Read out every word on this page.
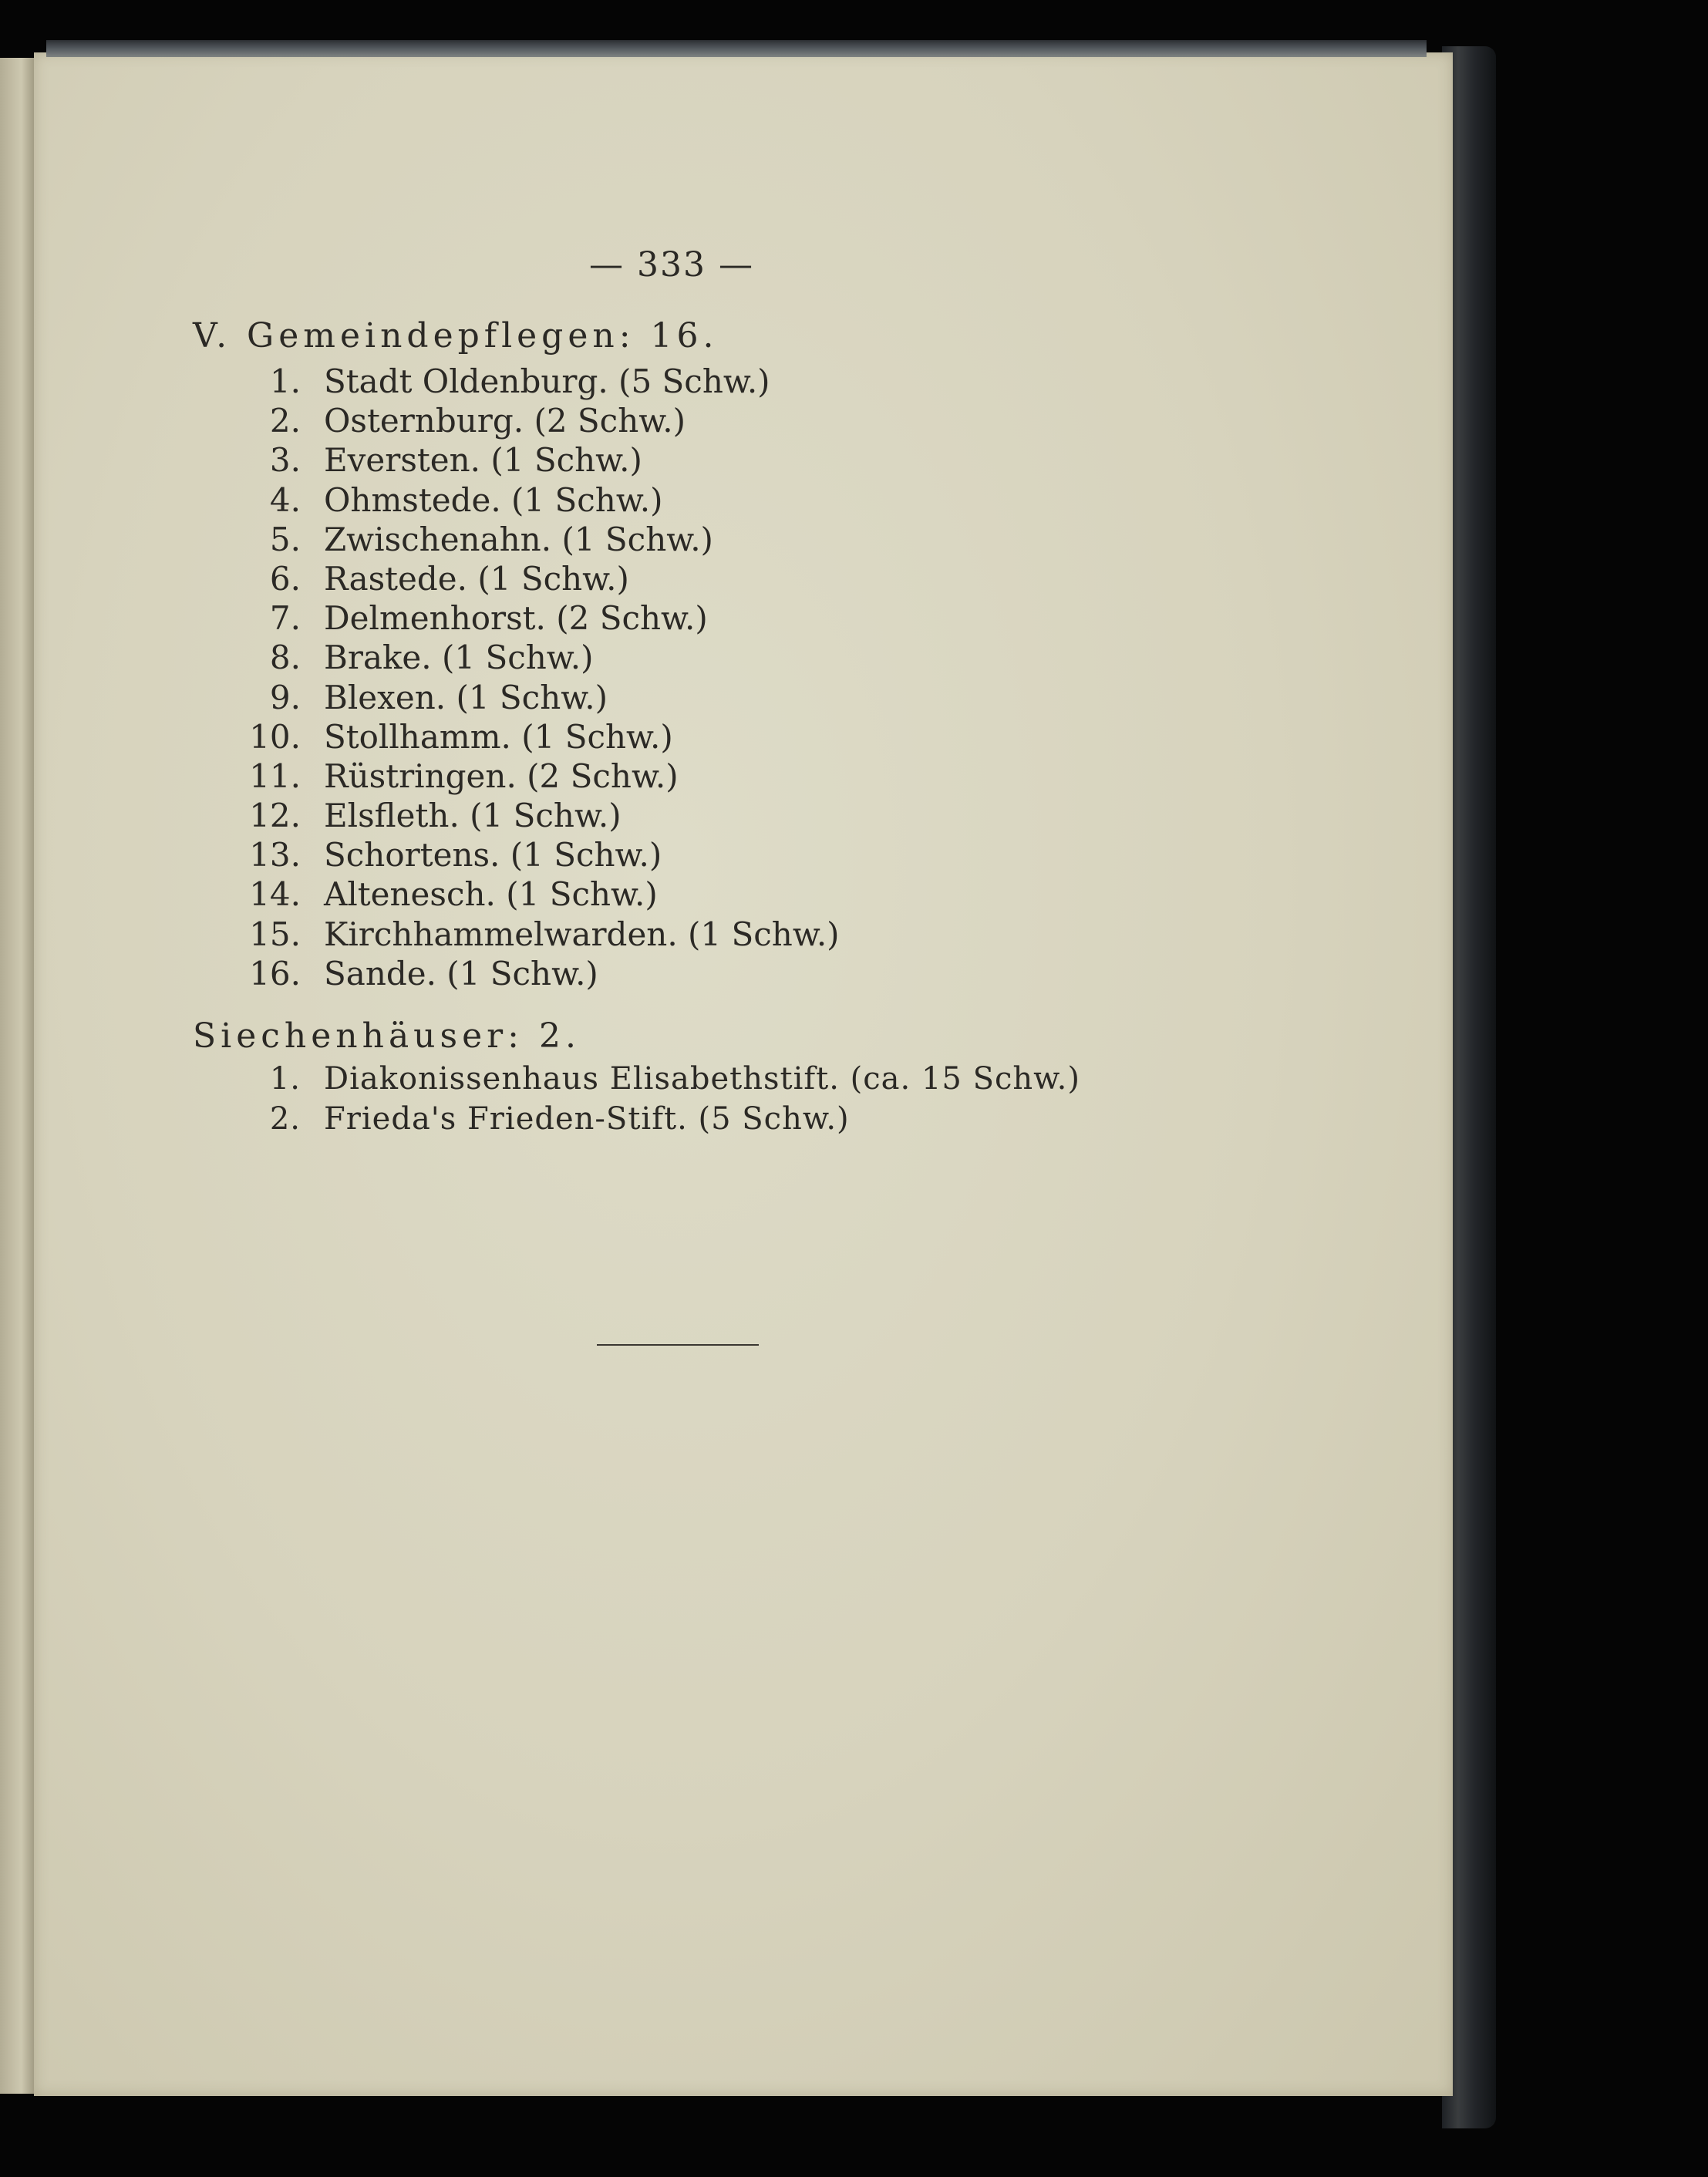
— 333 —

V. Gemeindepflegen: 16.

1. Stadt Oldenburg. (5 Schw.)
2. Osternburg. (2 Schw.)
3. Eversten. (1 Schw.)
4. Ohmstede. (1 Schw.)
5. Zwischenahn. (1 Schw.)
6. Rastede. (1 Schw.)
7. Delmenhorst. (2 Schw.)
8. Brake. (1 Schw.)
9. Blexen. (1 Schw.)
10. Stollhamm. (1 Schw.)
11. Rüstringen. (2 Schw.)
12. Elsfleth. (1 Schw.)
13. Schortens. (1 Schw.)
14. Altenesch. (1 Schw.)
15. Kirchhammelwarden. (1 Schw.)
16. Sande. (1 Schw.)

Siechenhäuser: 2.

1. Diakonissenhaus Elisabethstift. (ca. 15 Schw.)
2. Frieda's Frieden-Stift. (5 Schw.)
